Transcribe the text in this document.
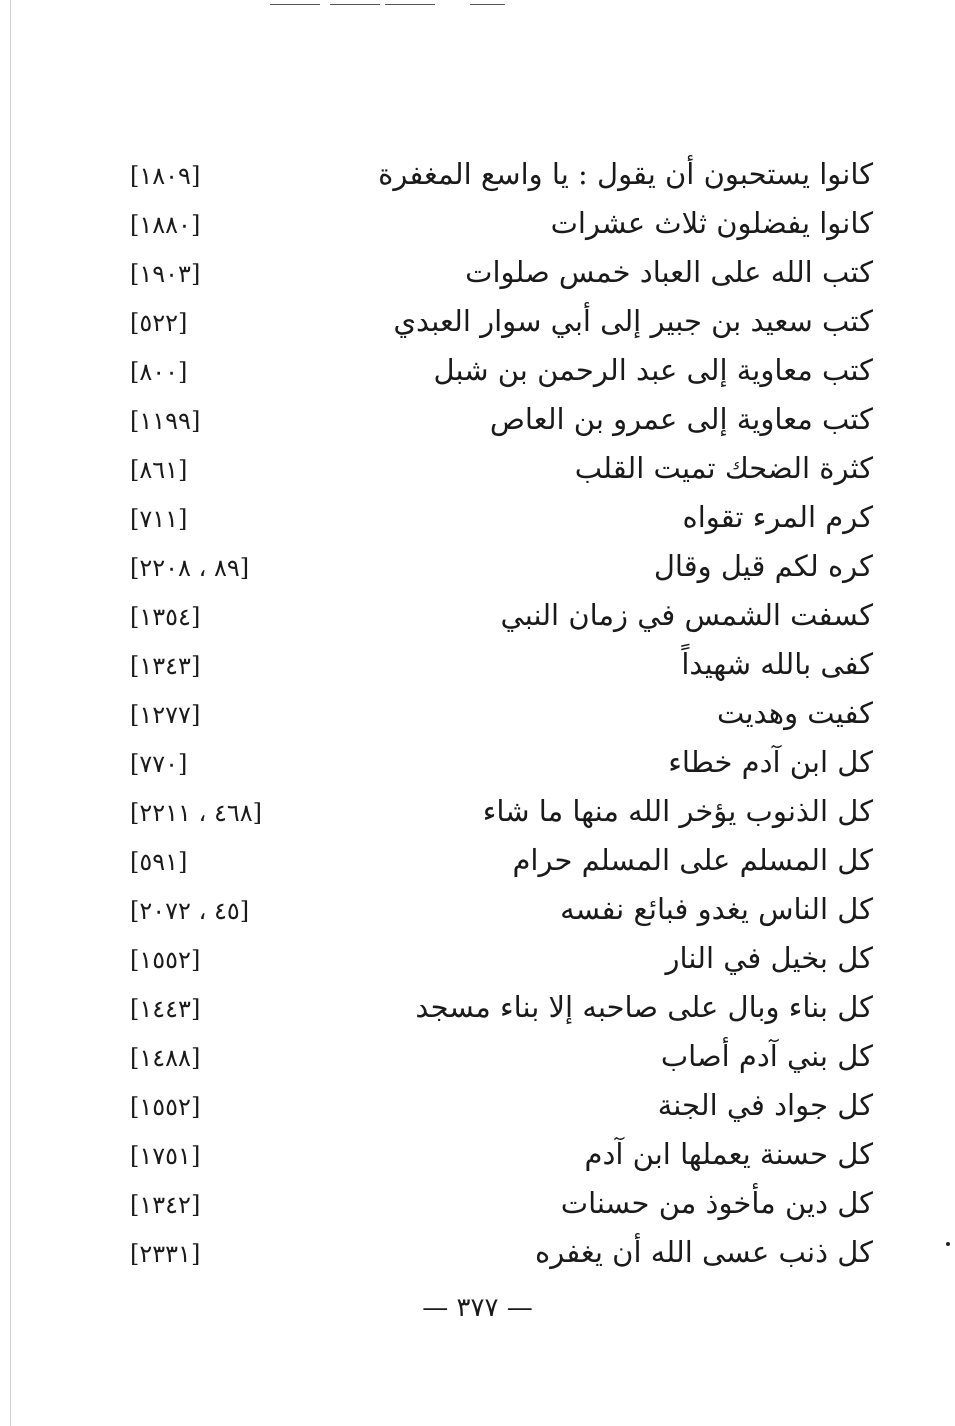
كانوا يستحبون أن يقول : يا واسع المغفرة
[١٨٠٩]
كانوا يفضلون ثلاث عشرات
[١٨٨٠]
كتب الله على العباد خمس صلوات
[١٩٠٣]
كتب سعيد بن جبير إلى أبي سوار العبدي
[٥٢٢]
كتب معاوية إلى عبد الرحمن بن شبل
[٨٠٠]
كتب معاوية إلى عمرو بن العاص
[١١٩٩]
كثرة الضحك تميت القلب
[٨٦١]
كرم المرء تقواه
[٧١١]
كره لكم قيل وقال
[٨٩ ، ٢٢٠٨]
كسفت الشمس في زمان النبي
[١٣٥٤]
كفى بالله شهيداً
[١٣٤٣]
كفيت وهديت
[١٢٧٧]
كل ابن آدم خطاء
[٧٧٠]
كل الذنوب يؤخر الله منها ما شاء
[٤٦٨ ، ٢٢١١]
كل المسلم على المسلم حرام
[٥٩١]
كل الناس يغدو فبائع نفسه
[٤٥ ، ٢٠٧٢]
كل بخيل في النار
[١٥٥٢]
كل بناء وبال على صاحبه إلا بناء مسجد
[١٤٤٣]
كل بني آدم أصاب
[١٤٨٨]
كل جواد في الجنة
[١٥٥٢]
كل حسنة يعملها ابن آدم
[١٧٥١]
كل دين مأخوذ من حسنات
[١٣٤٢]
كل ذنب عسى الله أن يغفره
[٢٣٣١]
— ٣٧٧ —
